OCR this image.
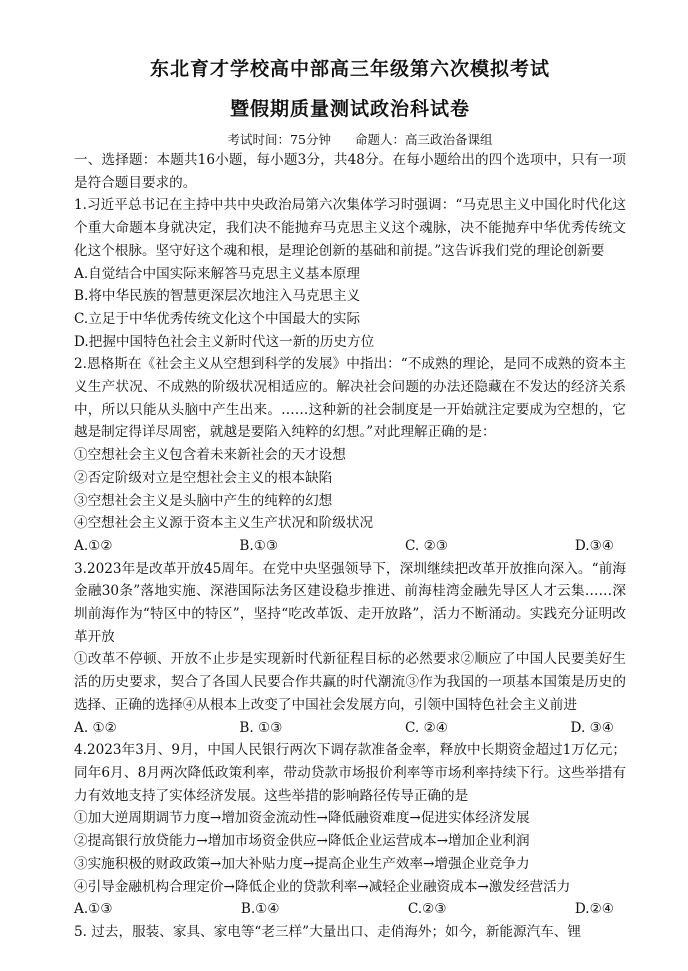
东北育才学校高中部高三年级第六次模拟考试
暨假期质量测试政治科试卷
考试时间：75分钟 命题人：高三政治备课组

一、选择题：本题共16小题，每小题3分，共48分。在每小题给出的四个选项中，只有一项是符合题目要求的。

1.习近平总书记在主持中共中央政治局第六次集体学习时强调：“马克思主义中国化时代化这个重大命题本身就决定，我们决不能抛弃马克思主义这个魂脉，决不能抛弃中华优秀传统文化这个根脉。坚守好这个魂和根，是理论创新的基础和前提。”这告诉我们党的理论创新要

A.自觉结合中国实际来解答马克思主义基本原理

B.将中华民族的智慧更深层次地注入马克思主义

C.立足于中华优秀传统文化这个中国最大的实际

D.把握中国特色社会主义新时代这一新的历史方位

2.恩格斯在《社会主义从空想到科学的发展》中指出：“不成熟的理论，是同不成熟的资本主义生产状况、不成熟的阶级状况相适应的。解决社会问题的办法还隐藏在不发达的经济关系中，所以只能从头脑中产生出来。……这种新的社会制度是一开始就注定要成为空想的，它越是制定得详尽周密，就越是要陷入纯粹的幻想。”对此理解正确的是：

①空想社会主义包含着未来新社会的天才设想

②否定阶级对立是空想社会主义的根本缺陷

③空想社会主义是头脑中产生的纯粹的幻想

④空想社会主义源于资本主义生产状况和阶级状况

A.①②	B.①③	C. ②③	D.③④

3.2023年是改革开放45周年。在党中央坚强领导下，深圳继续把改革开放推向深入。“前海金融30条”落地实施、深港国际法务区建设稳步推进、前海桂湾金融先导区人才云集……深圳前海作为“特区中的特区”，坚持“吃改革饭、走开放路”，活力不断涌动。实践充分证明改革开放

①改革不停顿、开放不止步是实现新时代新征程目标的必然要求②顺应了中国人民要美好生活的历史要求，契合了各国人民要合作共赢的时代潮流③作为我国的一项基本国策是历史的选择、正确的选择④从根本上改变了中国社会发展方向，引领中国特色社会主义前进

A. ①②	B. ①③	C. ②④	D. ③④

4.2023年3月、9月，中国人民银行两次下调存款准备金率，释放中长期资金超过1万亿元；同年6月、8月两次降低政策利率，带动贷款市场报价利率等市场利率持续下行。这些举措有力有效地支持了实体经济发展。这些举措的影响路径传导正确的是

①加大逆周期调节力度→增加资金流动性→降低融资难度→促进实体经济发展

②提高银行放贷能力→增加市场资金供应→降低企业运营成本→增加企业利润

③实施积极的财政政策→加大补贴力度→提高企业生产效率→增强企业竞争力

④引导金融机构合理定价→降低企业的贷款利率→减轻企业融资成本→激发经营活力

A.①③	B.①④	C.②③	D.②④

5. 过去，服装、家具、家电等“老三样”大量出口、走俏海外；如今，新能源汽车、锂
